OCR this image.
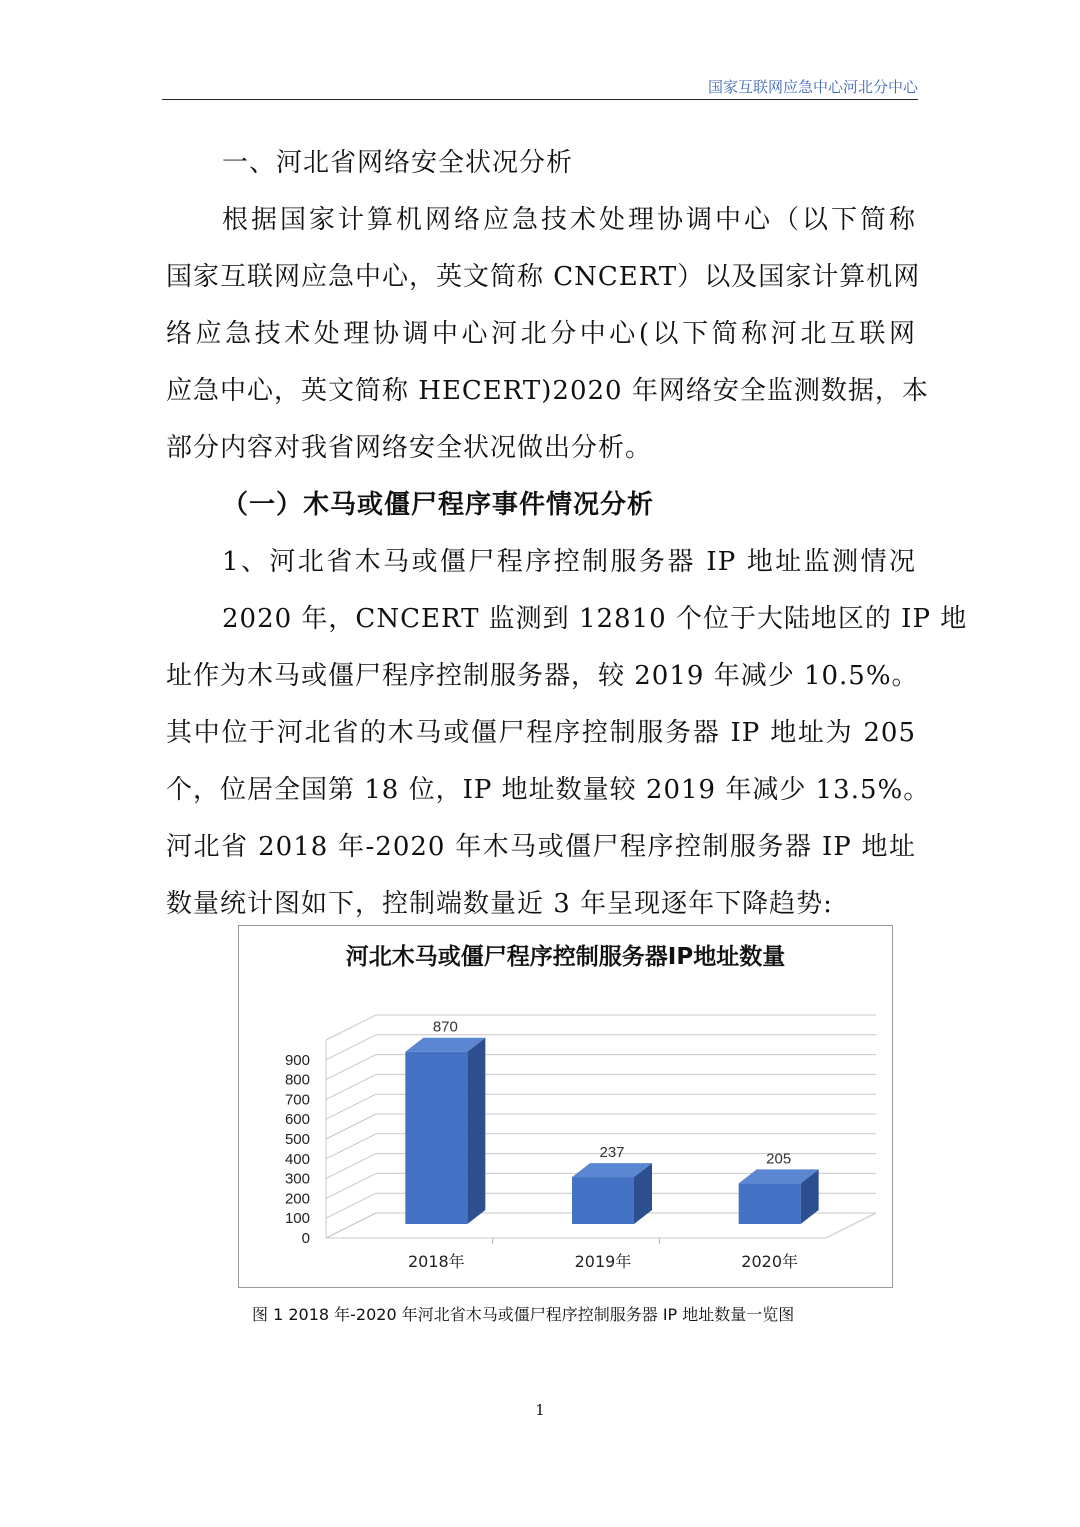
国家互联网应急中心河北分中心
一、河北省网络安全状况分析
根据国家计算机网络应急技术处理协调中心（以下简称
国家互联网应急中心，英文简称 CNCERT）以及国家计算机网
络应急技术处理协调中心河北分中心(以下简称河北互联网
应急中心，英文简称 HECERT)2020 年网络安全监测数据，本
部分内容对我省网络安全状况做出分析。
（一）木马或僵尸程序事件情况分析
1、河北省木马或僵尸程序控制服务器 IP 地址监测情况
2020 年，CNCERT 监测到 12810 个位于大陆地区的 IP 地
址作为木马或僵尸程序控制服务器，较 2019 年减少 10.5%。
其中位于河北省的木马或僵尸程序控制服务器 IP 地址为 205
个，位居全国第 18 位，IP 地址数量较 2019 年减少 13.5%。
河北省 2018 年-2020 年木马或僵尸程序控制服务器 IP 地址
数量统计图如下，控制端数量近 3 年呈现逐年下降趋势:
河北木马或僵尸程序控制服务器IP地址数量
0
100
200
300
400
500
600
700
800
900
870
2018年
237
2019年
205
2020年
图 1 2018 年-2020 年河北省木马或僵尸程序控制服务器 IP 地址数量一览图
1
